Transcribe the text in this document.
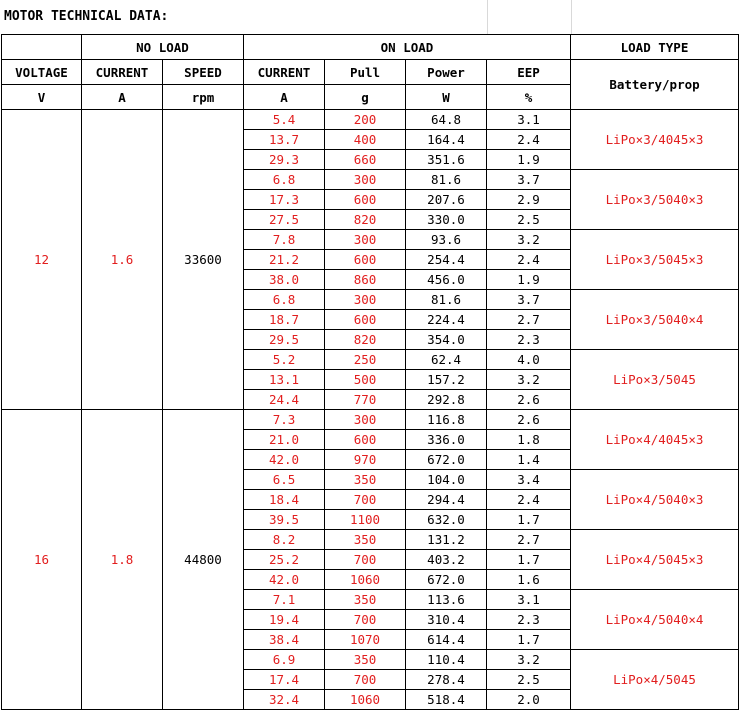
MOTOR TECHNICAL DATA:
	NO LOAD		ON LOAD				LOAD TYPE
VOLTAGE	CURRENT	SPEED	CURRENT	Pull	Power	EEP	Battery/prop
V	A	rpm	A	g	W	%	
12	1.6	33600	5.4	200	64.8	3.1	LiPo×3/4045×3
			13.7	400	164.4	2.4	
			29.3	660	351.6	1.9	
			6.8	300	81.6	3.7	LiPo×3/5040×3
			17.3	600	207.6	2.9	
			27.5	820	330.0	2.5	
			7.8	300	93.6	3.2	LiPo×3/5045×3
			21.2	600	254.4	2.4	
			38.0	860	456.0	1.9	
			6.8	300	81.6	3.7	LiPo×3/5040×4
			18.7	600	224.4	2.7	
			29.5	820	354.0	2.3	
			5.2	250	62.4	4.0	LiPo×3/5045
			13.1	500	157.2	3.2	
			24.4	770	292.8	2.6	
16	1.8	44800	7.3	300	116.8	2.6	LiPo×4/4045×3
			21.0	600	336.0	1.8	
			42.0	970	672.0	1.4	
			6.5	350	104.0	3.4	LiPo×4/5040×3
			18.4	700	294.4	2.4	
			39.5	1100	632.0	1.7	
			8.2	350	131.2	2.7	LiPo×4/5045×3
			25.2	700	403.2	1.7	
			42.0	1060	672.0	1.6	
			7.1	350	113.6	3.1	LiPo×4/5040×4
			19.4	700	310.4	2.3	
			38.4	1070	614.4	1.7	
			6.9	350	110.4	3.2	LiPo×4/5045
			17.4	700	278.4	2.5	
			32.4	1060	518.4	2.0	
